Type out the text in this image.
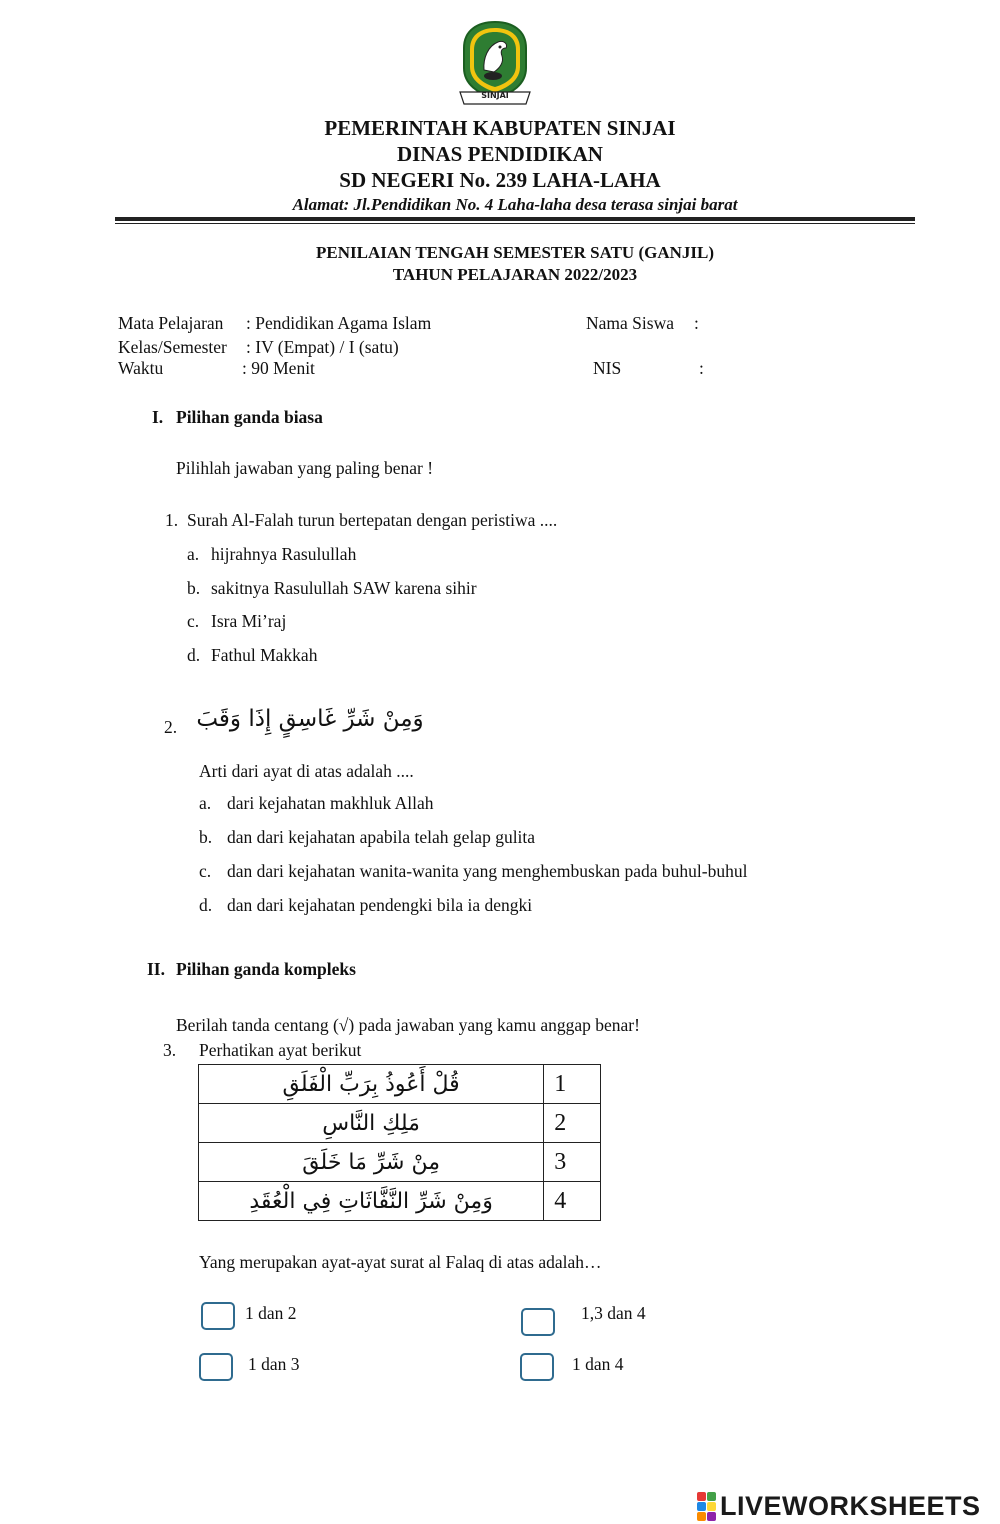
SINJAI
PEMERINTAH KABUPATEN SINJAI
DINAS PENDIDIKAN
SD NEGERI No. 239 LAHA-LAHA
Alamat: Jl.Pendidikan No. 4 Laha-laha desa terasa sinjai barat
PENILAIAN TENGAH SEMESTER SATU (GANJIL)
TAHUN PELAJARAN 2022/2023
Mata Pelajaran : Pendidikan Agama Islam
Kelas/Semester : IV (Empat) / I (satu)
Waktu	: 90 Menit
Nama Siswa :
NIS	:
I. Pilihan ganda biasa
Pilihlah jawaban yang paling benar !
1. Surah Al-Falah turun bertepatan dengan peristiwa ....
a. hijrahnya Rasulullah
b. sakitnya Rasulullah SAW karena sihir
c. Isra Mi’raj
d. Fathul Makkah
2. وَمِنْ شَرِّ غَاسِقٍ إِذَا وَقَبَ
Arti dari ayat di atas adalah ....
a. dari kejahatan makhluk Allah
b. dan dari kejahatan apabila telah gelap gulita
c. dan dari kejahatan wanita-wanita yang menghembuskan pada buhul-buhul
d. dan dari kejahatan pendengki bila ia dengki
II. Pilihan ganda kompleks
Berilah tanda centang (√) pada jawaban yang kamu anggap benar!
3. Perhatikan ayat berikut
قُلْ أَعُوذُ بِرَبِّ الْفَلَقِ	1
مَلِكِ النَّاسِ	2
مِنْ شَرِّ مَا خَلَقَ	3
وَمِنْ شَرِّ النَّفَّاثَاتِ فِي الْعُقَدِ	4
Yang merupakan ayat-ayat surat al Falaq di atas adalah…
1 dan 2	1,3 dan 4
1 dan 3	1 dan 4
LIVEWORKSHEETS
